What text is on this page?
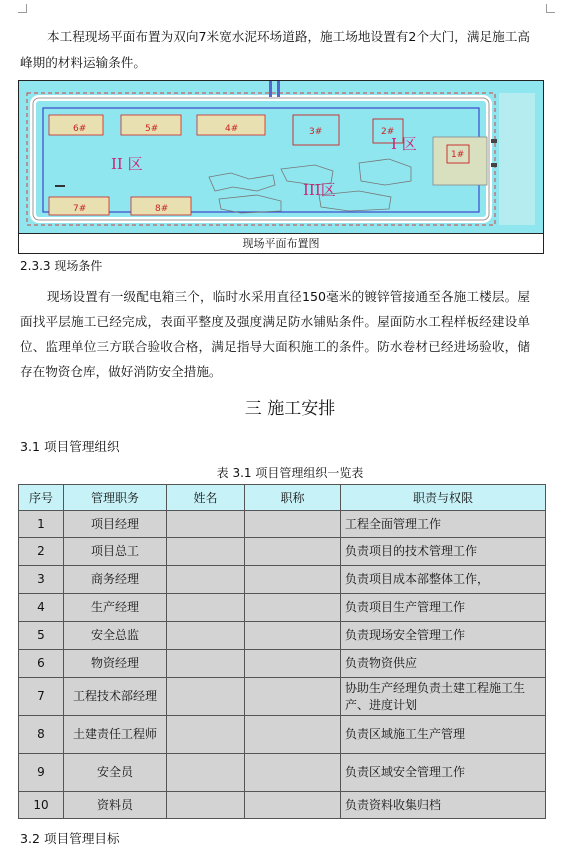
本工程现场平面布置为双向7米宽水泥环场道路，施工场地设置有2个大门，满足施工高峰期的材料运输条件。

6#	5#	4#	3#	2#
1#
7#	8#
II 区
I 区
III区
现场平面布置图
2.3.3 现场条件

现场设置有一级配电箱三个，临时水采用直径150毫米的镀锌管接通至各施工楼层。屋面找平层施工已经完成，表面平整度及强度满足防水铺贴条件。屋面防水工程样板经建设单位、监理单位三方联合验收合格，满足指导大面积施工的条件。防水卷材已经进场验收，储存在物资仓库，做好消防安全措施。

三 施工安排
3.1 项目管理组织
表 3.1 项目管理组织一览表
序号	管理职务	姓名	职称	职责与权限
1	项目经理			工程全面管理工作
2	项目总工			负责项目的技术管理工作
3	商务经理			负责项目成本部整体工作，
4	生产经理			负责项目生产管理工作
5	安全总监			负责现场安全管理工作
6	物资经理			负责物资供应
7	工程技术部经理			协助生产经理负责土建工程施工生产、进度计划
8	土建责任工程师			负责区域施工生产管理
9	安全员			负责区域安全管理工作
10	资料员			负责资料收集归档
3.2 项目管理目标
